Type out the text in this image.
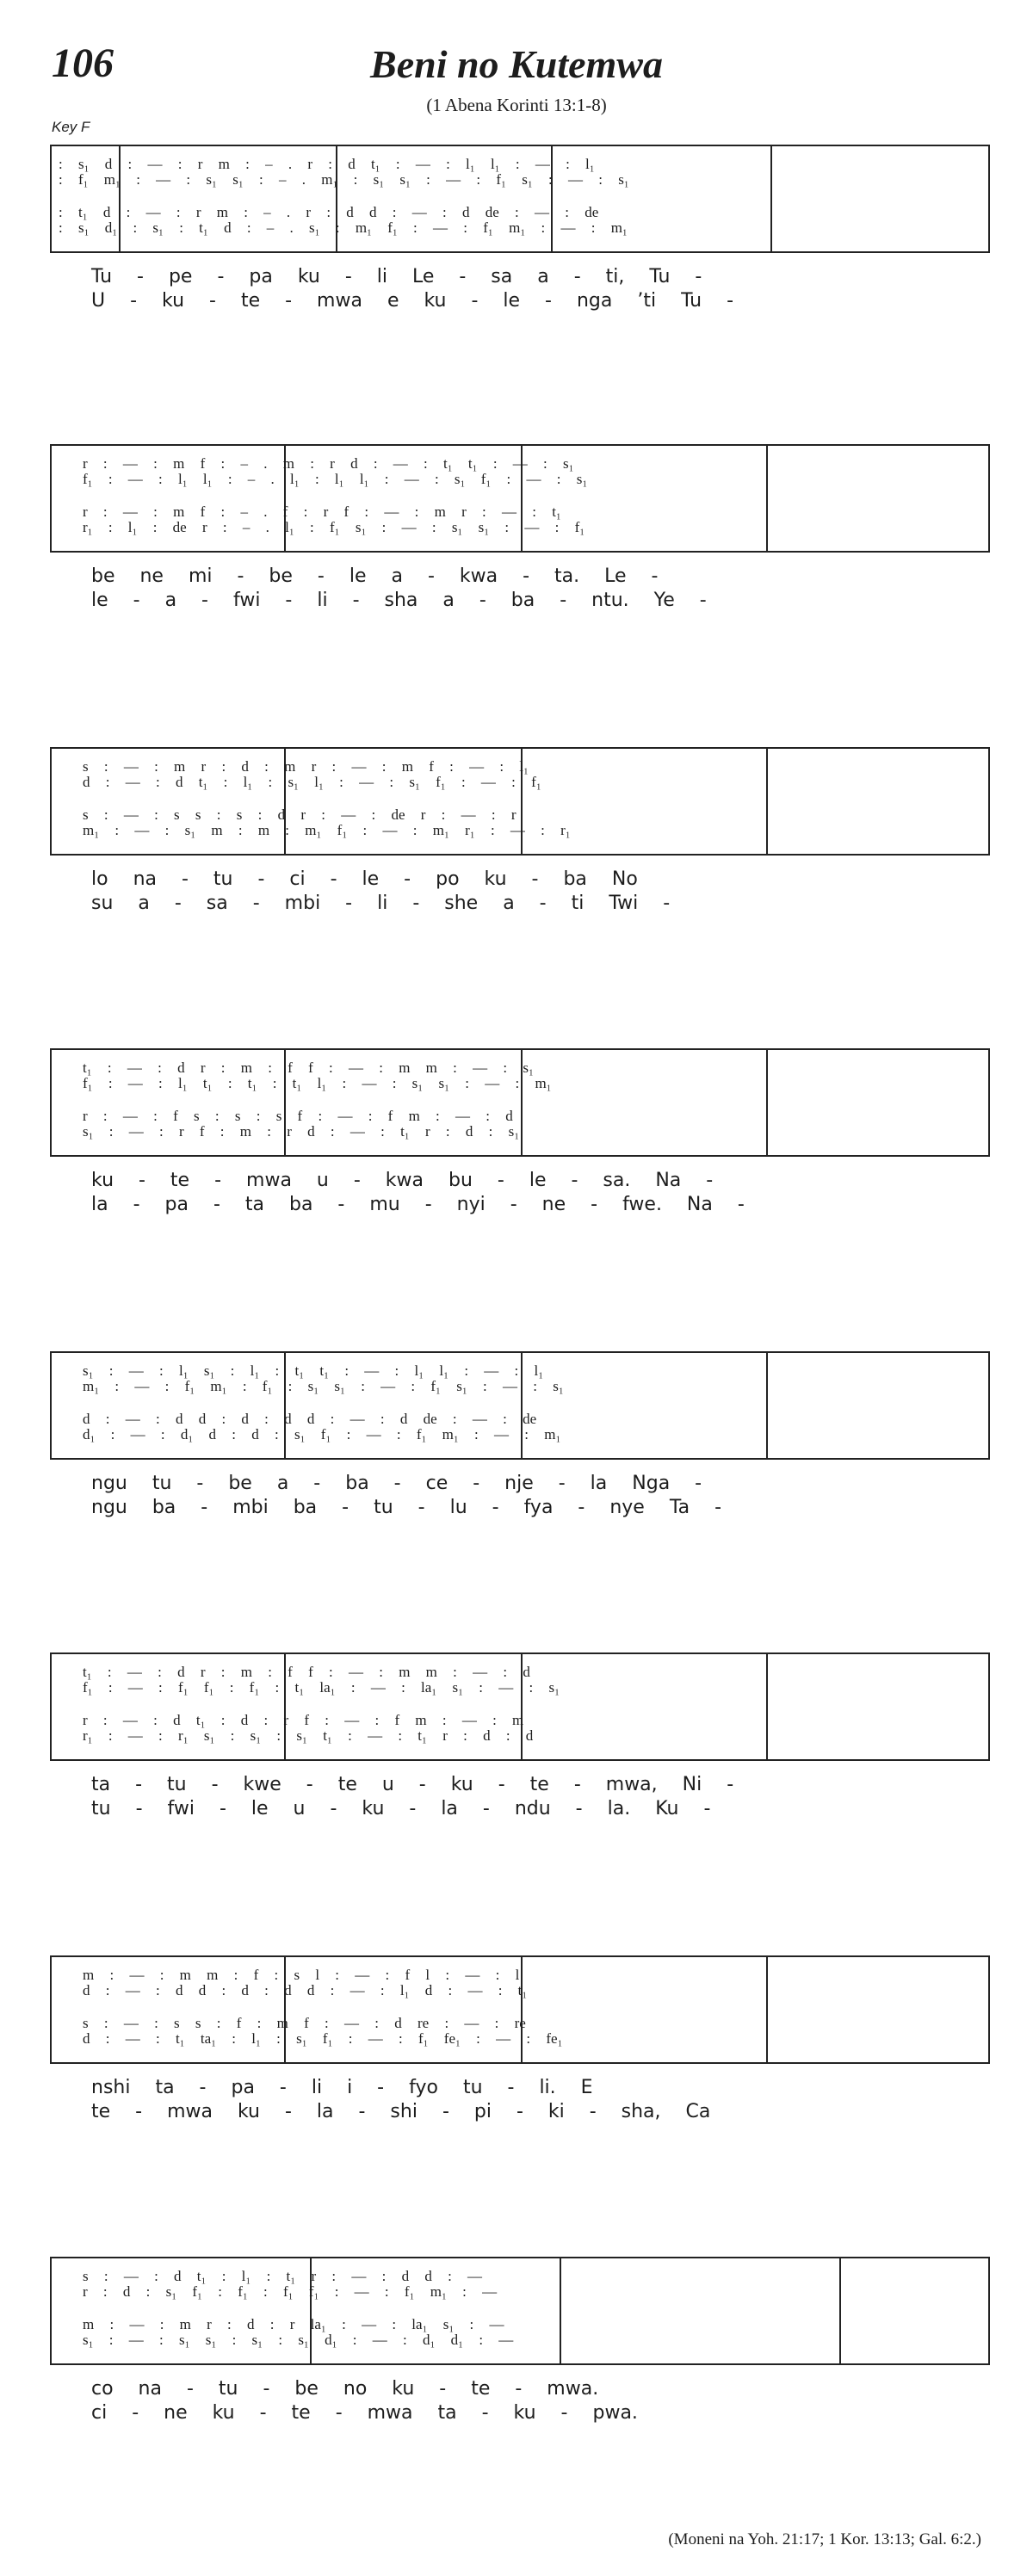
106	Beni no Kutemwa
(1 Abena Korinti 13:1-8)
Key F
: s₁ d : — : r m : – . r : d t₁ : — : l₁ l₁ : — : l₁
: f₁ m₁ : — : s₁ s₁ : – . m₁ : s₁ s₁ : — : f₁ s₁ : — : s₁
: t₁ d : — : r m : – . r : d d : — : d de : — : de
: s₁ d₁ : s₁ : t₁ d : – . s₁ : m₁ f₁ : — : f₁ m₁ : — : m₁
Tu - pe - pa ku - li Le - sa a - ti, Tu -
U - ku - te - mwa e ku - le - nga ’ti Tu -
r : — : m f : – . m : r d : — : t₁ t₁ : — : s₁
f₁ : — : l₁ l₁ : – . l₁ : l₁ l₁ : — : s₁ f₁ : — : s₁
r : — : m f : – . f : r f : — : m r : — : t₁
r₁ : l₁ : de r : – . l₁ : f₁ s₁ : — : s₁ s₁ : — : f₁
be ne mi - be - le a - kwa - ta. Le -
le - a - fwi - li - sha a - ba - ntu. Ye -
s : — : m r : d : m r : — : m f : — : l₁
d : — : d t₁ : l₁ : s₁ l₁ : — : s₁ f₁ : — : f₁
s : — : s s : s : d r : — : de r : — : r
m₁ : — : s₁ m : m : m₁ f₁ : — : m₁ r₁ : — : r₁
lo na - tu - ci - le - po ku - ba No
su a - sa - mbi - li - she a - ti Twi -
t₁ : — : d r : m : f f : — : m m : — : s₁
f₁ : — : l₁ t₁ : t₁ : t₁ l₁ : — : s₁ s₁ : — : m₁
r : — : f s : s : s f : — : f m : — : d
s₁ : — : r f : m : r d : — : t₁ r : d : s₁
ku - te - mwa u - kwa bu - le - sa. Na -
la - pa - ta ba - mu - nyi - ne - fwe. Na -
s₁ : — : l₁ s₁ : l₁ : t₁ t₁ : — : l₁ l₁ : — : l₁
m₁ : — : f₁ m₁ : f₁ : s₁ s₁ : — : f₁ s₁ : — : s₁
d : — : d d : d : d d : — : d de : — : de
d₁ : — : d₁ d : d : s₁ f₁ : — : f₁ m₁ : — : m₁
ngu tu - be a - ba - ce - nje - la Nga -
ngu ba - mbi ba - tu - lu - fya - nye Ta -
t₁ : — : d r : m : f f : — : m m : — : d
f₁ : — : f₁ f₁ : f₁ : t₁ la₁ : — : la₁ s₁ : — : s₁
r : — : d t₁ : d : r f : — : f m : — : m
r₁ : — : r₁ s₁ : s₁ : s₁ t₁ : — : t₁ r : d : d
ta - tu - kwe - te u - ku - te - mwa, Ni -
tu - fwi - le u - ku - la - ndu - la. Ku -
m : — : m m : f : s l : — : f l : — : l
d : — : d d : d : d d : — : l₁ d : — : t₁
s : — : s s : f : m f : — : d re : — : re
d : — : t₁ ta₁ : l₁ : s₁ f₁ : — : f₁ fe₁ : — : fe₁
nshi ta - pa - li i - fyo tu - li. E
te - mwa ku - la - shi - pi - ki - sha, Ca
s : — : d t₁ : l₁ : t₁ r : — : d d : —
r : d : s₁ f₁ : f₁ : f₁ f₁ : — : f₁ m₁ : —
m : — : m r : d : r la₁ : — : la₁ s₁ : —
s₁ : — : s₁ s₁ : s₁ : s₁ d₁ : — : d₁ d₁ : —
co na - tu - be no ku - te - mwa.
ci - ne ku - te - mwa ta - ku - pwa.
(Moneni na Yoh. 21:17; 1 Kor. 13:13; Gal. 6:2.)
